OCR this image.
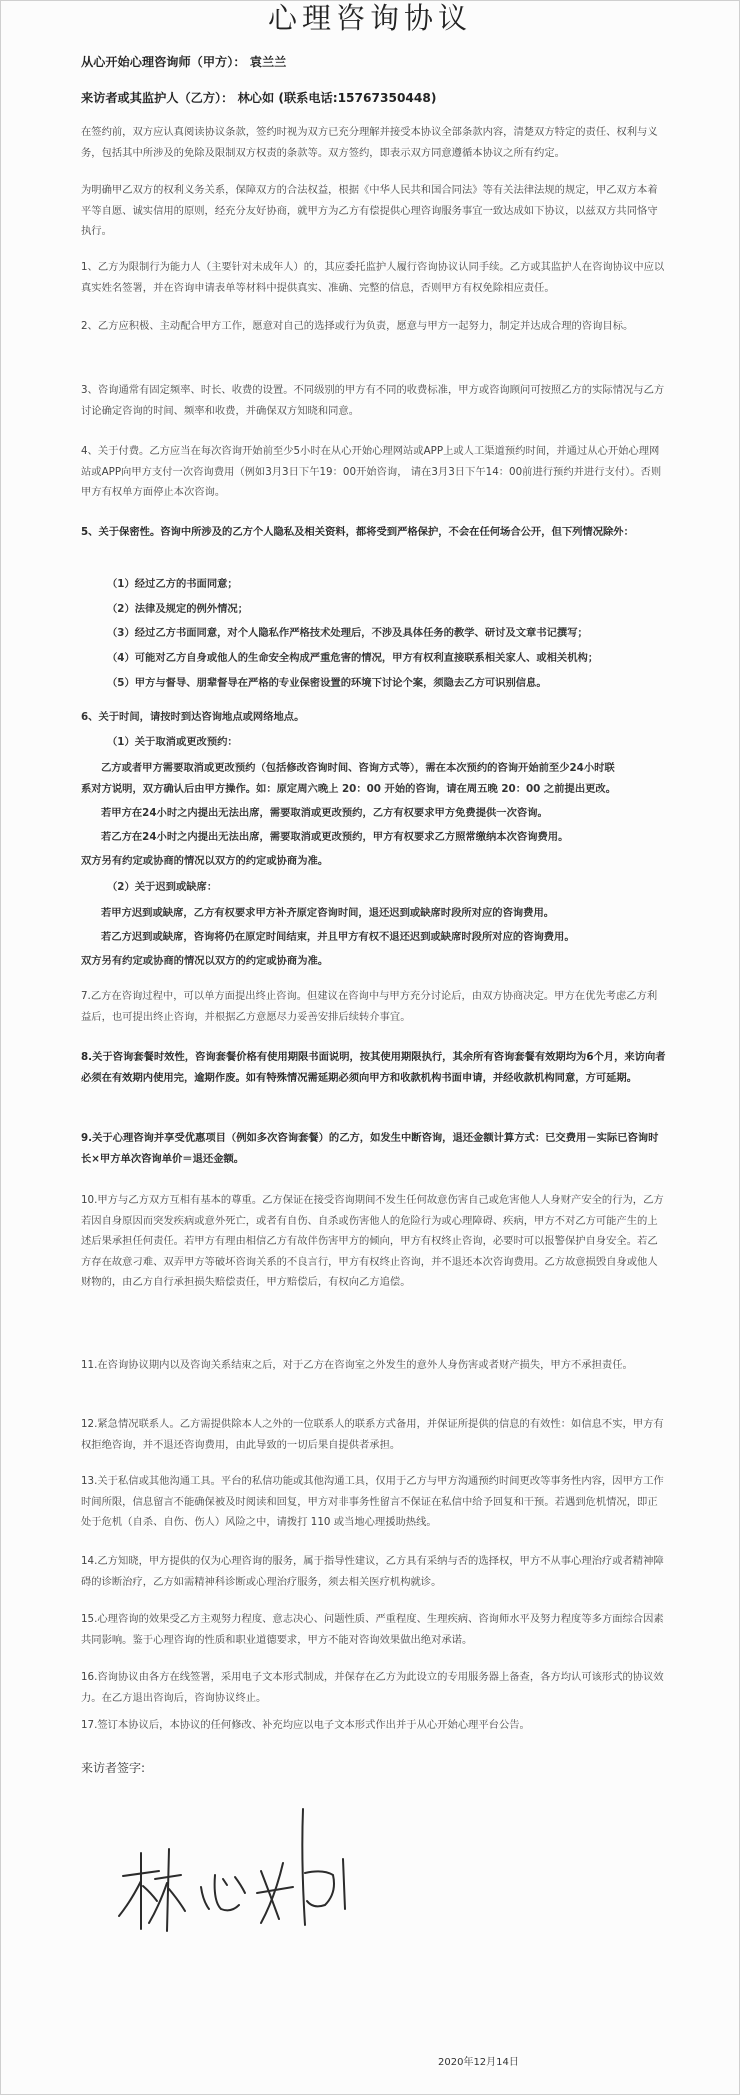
心理咨询协议
从心开始心理咨询师（甲方）： 袁兰兰
来访者或其监护人（乙方）： 林心如 (联系电话:15767350448)

在签约前，双方应认真阅读协议条款，签约时视为双方已充分理解并接受本协议全部条款内容，清楚双方特定的责任、权利与义务，包括其中所涉及的免除及限制双方权责的条款等。双方签约，即表示双方同意遵循本协议之所有约定。

为明确甲乙双方的权利义务关系，保障双方的合法权益，根据《中华人民共和国合同法》等有关法律法规的规定，甲乙双方本着平等自愿、诚实信用的原则，经充分友好协商，就甲方为乙方有偿提供心理咨询服务事宜一致达成如下协议，以兹双方共同恪守执行。

1、乙方为限制行为能力人（主要针对未成年人）的，其应委托监护人履行咨询协议认同手续。乙方或其监护人在咨询协议中应以真实姓名签署，并在咨询申请表单等材料中提供真实、准确、完整的信息，否则甲方有权免除相应责任。

2、乙方应积极、主动配合甲方工作，愿意对自己的选择或行为负责，愿意与甲方一起努力，制定并达成合理的咨询目标。

3、咨询通常有固定频率、时长、收费的设置。不同级别的甲方有不同的收费标准，甲方或咨询顾问可按照乙方的实际情况与乙方讨论确定咨询的时间、频率和收费，并确保双方知晓和同意。

4、关于付费。乙方应当在每次咨询开始前至少5小时在从心开始心理网站或APP上或人工渠道预约时间，并通过从心开始心理网站或APP向甲方支付一次咨询费用（例如3月3日下午19：00开始咨询， 请在3月3日下午14：00前进行预约并进行支付）。否则甲方有权单方面停止本次咨询。

5、关于保密性。咨询中所涉及的乙方个人隐私及相关资料，都将受到严格保护，不会在任何场合公开，但下列情况除外：

（1）经过乙方的书面同意；
（2）法律及规定的例外情况；
（3）经过乙方书面同意，对个人隐私作严格技术处理后，不涉及具体任务的教学、研讨及文章书记撰写；
（4）可能对乙方自身或他人的生命安全构成严重危害的情况，甲方有权利直接联系相关家人、或相关机构；
（5）甲方与督导、朋辈督导在严格的专业保密设置的环境下讨论个案，须隐去乙方可识别信息。
6、关于时间，请按时到达咨询地点或网络地点。
（1）关于取消或更改预约：
乙方或者甲方需要取消或更改预约（包括修改咨询时间、咨询方式等），需在本次预约的咨询开始前至少24小时联
系对方说明，双方确认后由甲方操作。如：原定周六晚上 20：00 开始的咨询，请在周五晚 20：00 之前提出更改。
若甲方在24小时之内提出无法出席，需要取消或更改预约，乙方有权要求甲方免费提供一次咨询。
若乙方在24小时之内提出无法出席，需要取消或更改预约，甲方有权要求乙方照常缴纳本次咨询费用。
双方另有约定或协商的情况以双方的约定或协商为准。
（2）关于迟到或缺席：
若甲方迟到或缺席，乙方有权要求甲方补齐原定咨询时间，退还迟到或缺席时段所对应的咨询费用。
若乙方迟到或缺席，咨询将仍在原定时间结束，并且甲方有权不退还迟到或缺席时段所对应的咨询费用。
双方另有约定或协商的情况以双方的约定或协商为准。

7.乙方在咨询过程中，可以单方面提出终止咨询。但建议在咨询中与甲方充分讨论后，由双方协商决定。甲方在优先考虑乙方利益后，也可提出终止咨询，并根据乙方意愿尽力妥善安排后续转介事宜。

8.关于咨询套餐时效性，咨询套餐价格有使用期限书面说明，按其使用期限执行，其余所有咨询套餐有效期均为6个月，来访向者必须在有效期内使用完，逾期作废。如有特殊情况需延期必须向甲方和收款机构书面申请，并经收款机构同意，方可延期。

9.关于心理咨询并享受优惠项目（例如多次咨询套餐）的乙方，如发生中断咨询，退还金额计算方式：已交费用－实际已咨询时长×甲方单次咨询单价＝退还金额。

10.甲方与乙方双方互相有基本的尊重。乙方保证在接受咨询期间不发生任何故意伤害自己或危害他人人身财产安全的行为，乙方若因自身原因而突发疾病或意外死亡，或者有自伤、自杀或伤害他人的危险行为或心理障碍、疾病，甲方不对乙方可能产生的上述后果承担任何责任。若甲方有理由相信乙方有故伴伤害甲方的倾向，甲方有权终止咨询，必要时可以报警保护自身安全。若乙方存在故意刁难、双弄甲方等破坏咨询关系的不良言行，甲方有权终止咨询，并不退还本次咨询费用。乙方故意损毁自身或他人财物的，由乙方自行承担损失赔偿责任，甲方赔偿后，有权向乙方追偿。

11.在咨询协议期内以及咨询关系结束之后，对于乙方在咨询室之外发生的意外人身伤害或者财产损失，甲方不承担责任。

12.紧急情况联系人。乙方需提供除本人之外的一位联系人的联系方式备用，并保证所提供的信息的有效性：如信息不实，甲方有权拒绝咨询，并不退还咨询费用，由此导致的一切后果自提供者承担。

13.关于私信或其他沟通工具。平台的私信功能或其他沟通工具，仅用于乙方与甲方沟通预约时间更改等事务性内容，因甲方工作时间所限，信息留言不能确保被及时阅读和回复，甲方对非事务性留言不保证在私信中给予回复和干预。若遇到危机情况，即正处于危机（自杀、自伤、伤人）风险之中，请拨打 110 或当地心理援助热线。

14.乙方知晓，甲方提供的仅为心理咨询的服务，属于指导性建议，乙方具有采纳与否的选择权，甲方不从事心理治疗或者精神障碍的诊断治疗，乙方如需精神科诊断或心理治疗服务，须去相关医疗机构就诊。

15.心理咨询的效果受乙方主观努力程度、意志决心、问题性质、严重程度、生理疾病、咨询师水平及努力程度等多方面综合因素共同影响。鉴于心理咨询的性质和职业道德要求，甲方不能对咨询效果做出绝对承诺。

16.咨询协议由各方在线签署，采用电子文本形式制成，并保存在乙方为此设立的专用服务器上备查，各方均认可该形式的协议效力。在乙方退出咨询后，咨询协议终止。

17.签订本协议后，本协议的任何修改、补充均应以电子文本形式作出并于从心开始心理平台公告。

来访者签字:
2020年12月14日
